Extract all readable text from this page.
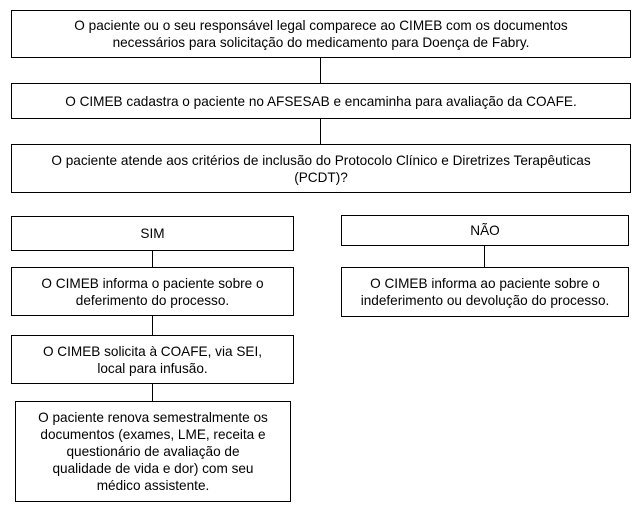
O paciente ou o seu responsável legal comparece ao CIMEB com os documentos necessários para solicitação do medicamento para Doença de Fabry.
O CIMEB cadastra o paciente no AFSESAB e encaminha para avaliação da COAFE.
O paciente atende aos critérios de inclusão do Protocolo Clínico e Diretrizes Terapêuticas (PCDT)?
SIM	NÃO
O CIMEB informa o paciente sobre o deferimento do processo.
O CIMEB informa ao paciente sobre o indeferimento ou devolução do processo.
O CIMEB solicita à COAFE, via SEI, local para infusão.
O paciente renova semestralmente os documentos (exames, LME, receita e questionário de avaliação de qualidade de vida e dor) com seu médico assistente.
